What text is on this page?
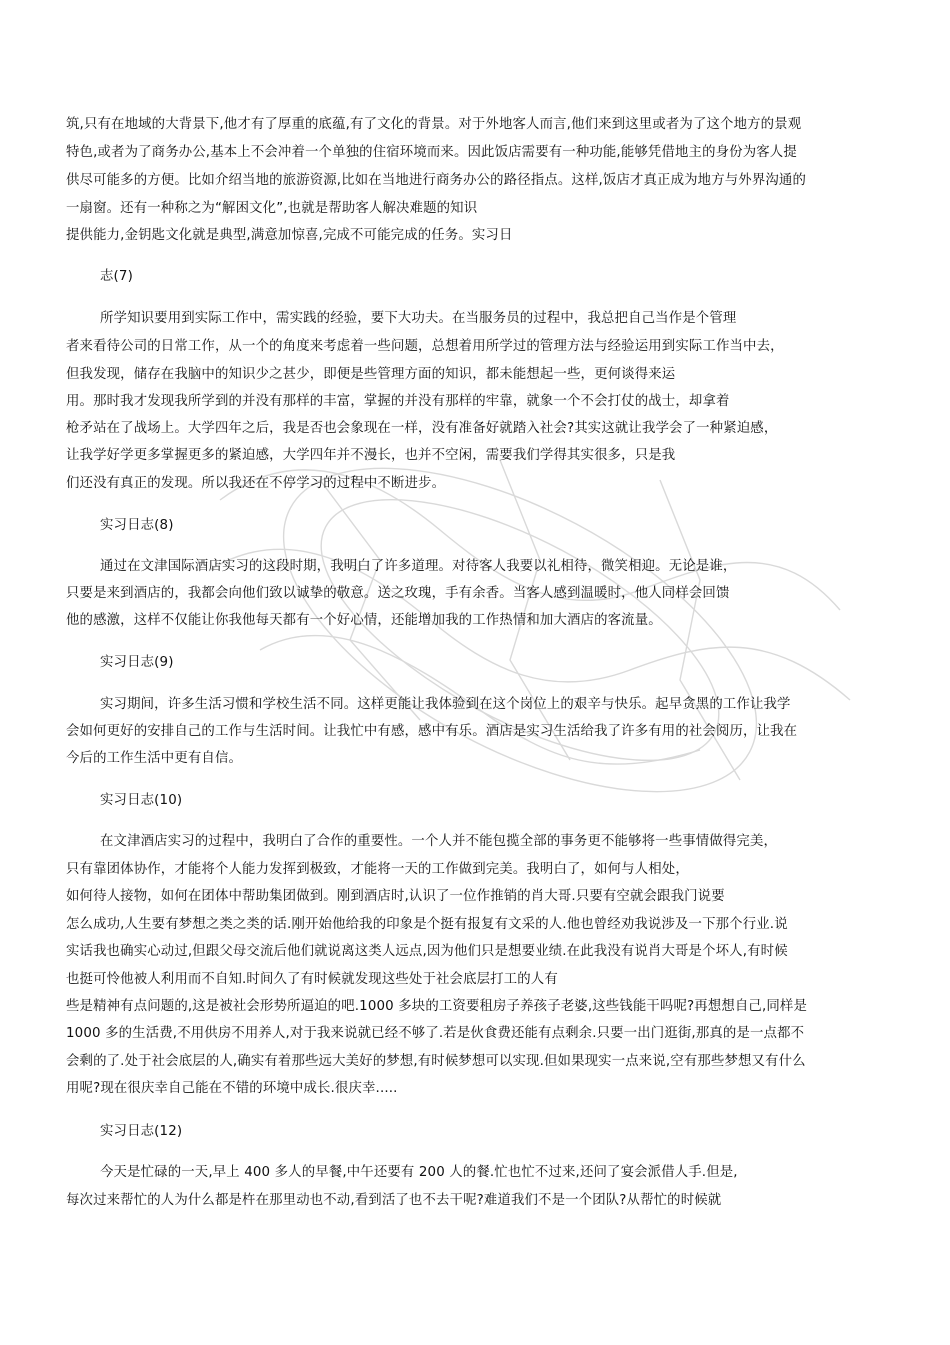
筑,只有在地域的大背景下,他才有了厚重的底蕴,有了文化的背景。对于外地客人而言,他们来到这里或者为了这个地方的景观
特色,或者为了商务办公,基本上不会冲着一个单独的住宿环境而来。因此饭店需要有一种功能,能够凭借地主的身份为客人提
供尽可能多的方便。比如介绍当地的旅游资源,比如在当地进行商务办公的路径指点。这样,饭店才真正成为地方与外界沟通的
一扇窗。还有一种称之为“解困文化”,也就是帮助客人解决难题的知识
提供能力,金钥匙文化就是典型,满意加惊喜,完成不可能完成的任务。实习日
志(7)
所学知识要用到实际工作中，需实践的经验，要下大功夫。在当服务员的过程中，我总把自己当作是个管理
者来看待公司的日常工作，从一个的角度来考虑着一些问题，总想着用所学过的管理方法与经验运用到实际工作当中去，
但我发现，储存在我脑中的知识少之甚少，即便是些管理方面的知识，都未能想起一些，更何谈得来运
用。那时我才发现我所学到的并没有那样的丰富，掌握的并没有那样的牢靠，就象一个不会打仗的战士，却拿着
枪矛站在了战场上。大学四年之后，我是否也会象现在一样，没有准备好就踏入社会?其实这就让我学会了一种紧迫感，
让我学好学更多掌握更多的紧迫感，大学四年并不漫长，也并不空闲，需要我们学得其实很多，只是我
们还没有真正的发现。所以我还在不停学习的过程中不断进步。
实习日志(8)
通过在文津国际酒店实习的这段时期，我明白了许多道理。对待客人我要以礼相待，微笑相迎。无论是谁，
只要是来到酒店的，我都会向他们致以诚挚的敬意。送之玫瑰，手有余香。当客人感到温暖时，他人同样会回馈
他的感激，这样不仅能让你我他每天都有一个好心情，还能增加我的工作热情和加大酒店的客流量。
实习日志(9)
实习期间，许多生活习惯和学校生活不同。这样更能让我体验到在这个岗位上的艰辛与快乐。起早贪黑的工作让我学
会如何更好的安排自己的工作与生活时间。让我忙中有感，感中有乐。酒店是实习生活给我了许多有用的社会阅历，让我在
今后的工作生活中更有自信。
实习日志(10)
在文津酒店实习的过程中，我明白了合作的重要性。一个人并不能包揽全部的事务更不能够将一些事情做得完美，
只有靠团体协作，才能将个人能力发挥到极致，才能将一天的工作做到完美。我明白了，如何与人相处，
如何待人接物，如何在团体中帮助集团做到。刚到酒店时,认识了一位作推销的肖大哥.只要有空就会跟我门说要
怎么成功,人生要有梦想之类之类的话.刚开始他给我的印象是个挺有报复有文采的人.他也曾经劝我说涉及一下那个行业.说
实话我也确实心动过,但跟父母交流后他们就说离这类人远点,因为他们只是想要业绩.在此我没有说肖大哥是个坏人,有时候
也挺可怜他被人利用而不自知.时间久了有时候就发现这些处于社会底层打工的人有
些是精神有点问题的,这是被社会形势所逼迫的吧.1000 多块的工资要租房子养孩子老婆,这些钱能干吗呢?再想想自己,同样是
1000 多的生活费,不用供房不用养人,对于我来说就已经不够了.若是伙食费还能有点剩余.只要一出门逛街,那真的是一点都不
会剩的了.处于社会底层的人,确实有着那些远大美好的梦想,有时候梦想可以实现.但如果现实一点来说,空有那些梦想又有什么
用呢?现在很庆幸自己能在不错的环境中成长.很庆幸.....
实习日志(12)
今天是忙碌的一天,早上 400 多人的早餐,中午还要有 200 人的餐.忙也忙不过来,还问了宴会派借人手.但是,
每次过来帮忙的人为什么都是杵在那里动也不动,看到活了也不去干呢?难道我们不是一个团队?从帮忙的时候就
